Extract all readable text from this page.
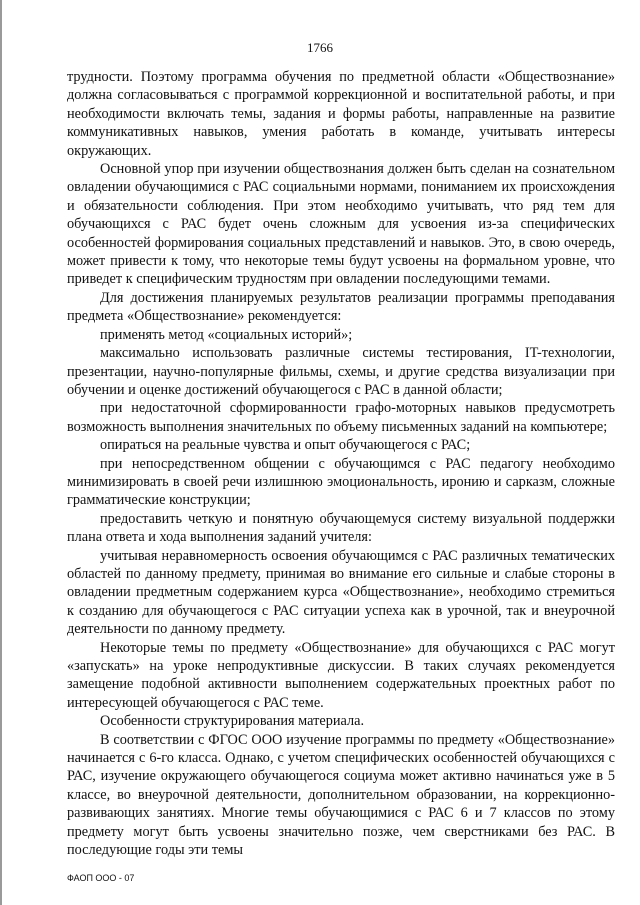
1766

трудности. Поэтому программа обучения по предметной области «Обществознание» должна согласовываться с программой коррекционной и воспитательной работы, и при необходимости включать темы, задания и формы работы, направленные на развитие коммуникативных навыков, умения работать в команде, учитывать интересы окружающих.

Основной упор при изучении обществознания должен быть сделан на сознательном овладении обучающимися с РАС социальными нормами, пониманием их происхождения и обязательности соблюдения. При этом необходимо учитывать, что ряд тем для обучающихся с РАС будет очень сложным для усвоения из-за специфических особенностей формирования социальных представлений и навыков. Это, в свою очередь, может привести к тому, что некоторые темы будут усвоены на формальном уровне, что приведет к специфическим трудностям при овладении последующими темами.

Для достижения планируемых результатов реализации программы преподавания предмета «Обществознание» рекомендуется:

применять метод «социальных историй»;

максимально использовать различные системы тестирования, IT-технологии, презентации, научно-популярные фильмы, схемы, и другие средства визуализации при обучении и оценке достижений обучающегося с РАС в данной области;

при недостаточной сформированности графо-моторных навыков предусмотреть возможность выполнения значительных по объему письменных заданий на компьютере;

опираться на реальные чувства и опыт обучающегося с РАС;

при непосредственном общении с обучающимся с РАС педагогу необходимо минимизировать в своей речи излишнюю эмоциональность, иронию и сарказм, сложные грамматические конструкции;

предоставить четкую и понятную обучающемуся систему визуальной поддержки плана ответа и хода выполнения заданий учителя:

учитывая неравномерность освоения обучающимся с РАС различных тематических областей по данному предмету, принимая во внимание его сильные и слабые стороны в овладении предметным содержанием курса «Обществознание», необходимо стремиться к созданию для обучающегося с РАС ситуации успеха как в урочной, так и внеурочной деятельности по данному предмету.

Некоторые темы по предмету «Обществознание» для обучающихся с РАС могут «запускать» на уроке непродуктивные дискуссии. В таких случаях рекомендуется замещение подобной активности выполнением содержательных проектных работ по интересующей обучающегося с РАС теме.

Особенности структурирования материала.

В соответствии с ФГОС ООО изучение программы по предмету «Обществознание» начинается с 6-го класса. Однако, с учетом специфических особенностей обучающихся с РАС, изучение окружающего обучающегося социума может активно начинаться уже в 5 классе, во внеурочной деятельности, дополнительном образовании, на коррекционно-развивающих занятиях. Многие темы обучающимися с РАС 6 и 7 классов по этому предмету могут быть усвоены значительно позже, чем сверстниками без РАС. В последующие годы эти темы

ФАОП ООО - 07
